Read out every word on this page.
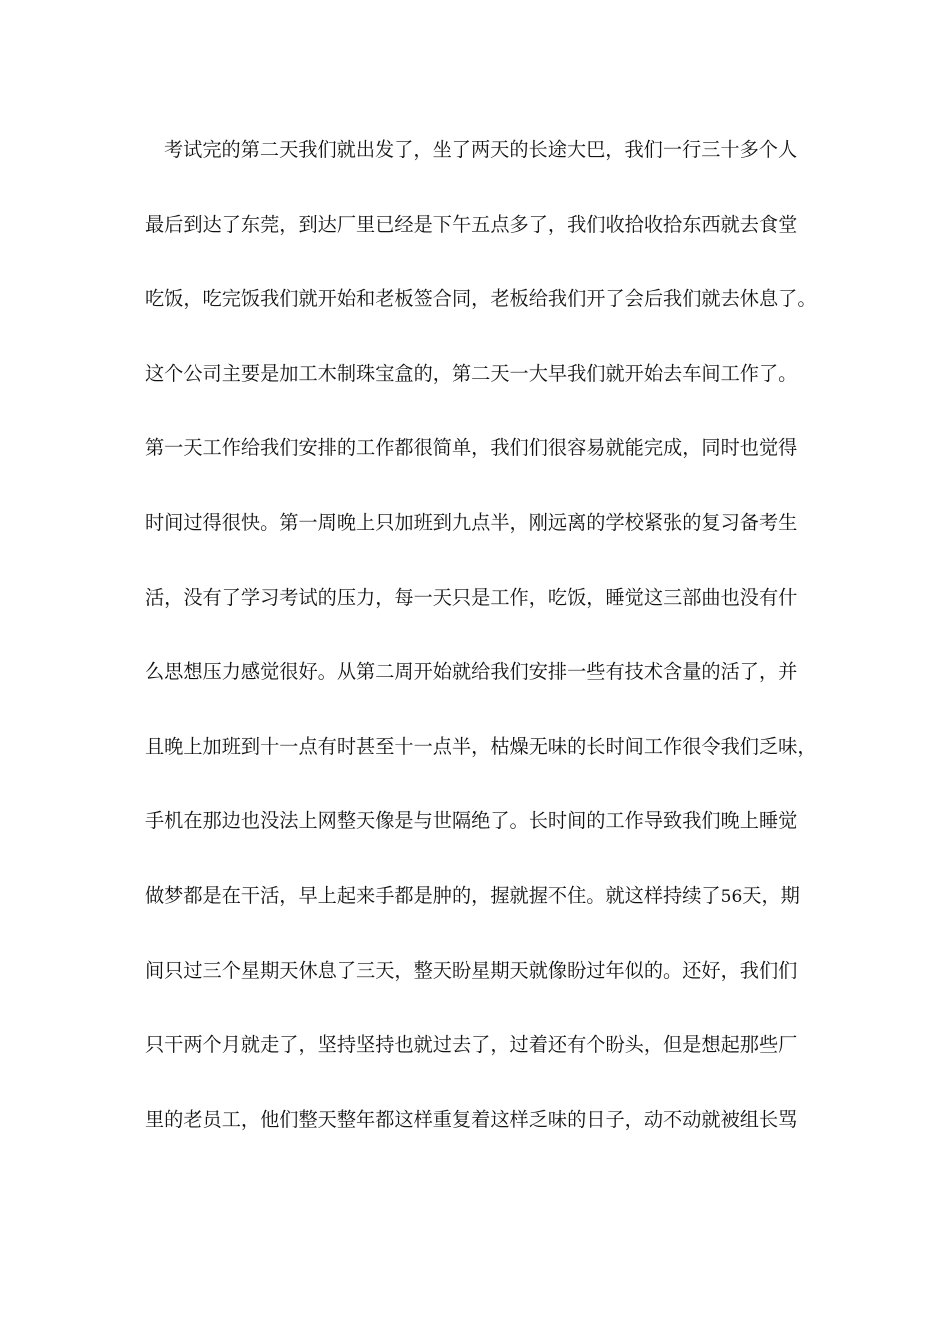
考试完的第二天我们就出发了，坐了两天的长途大巴，我们一行三十多个人
最后到达了东莞，到达厂里已经是下午五点多了，我们收拾收拾东西就去食堂
吃饭，吃完饭我们就开始和老板签合同，老板给我们开了会后我们就去休息了。
这个公司主要是加工木制珠宝盒的，第二天一大早我们就开始去车间工作了。
第一天工作给我们安排的工作都很简单，我们们很容易就能完成，同时也觉得
时间过得很快。第一周晚上只加班到九点半，刚远离的学校紧张的复习备考生
活，没有了学习考试的压力，每一天只是工作，吃饭，睡觉这三部曲也没有什
么思想压力感觉很好。从第二周开始就给我们安排一些有技术含量的活了，并
且晚上加班到十一点有时甚至十一点半，枯燥无味的长时间工作很令我们乏味，
手机在那边也没法上网整天像是与世隔绝了。长时间的工作导致我们晚上睡觉
做梦都是在干活，早上起来手都是肿的，握就握不住。就这样持续了56天，期
间只过三个星期天休息了三天，整天盼星期天就像盼过年似的。还好，我们们
只干两个月就走了，坚持坚持也就过去了，过着还有个盼头，但是想起那些厂
里的老员工，他们整天整年都这样重复着这样乏味的日子，动不动就被组长骂
